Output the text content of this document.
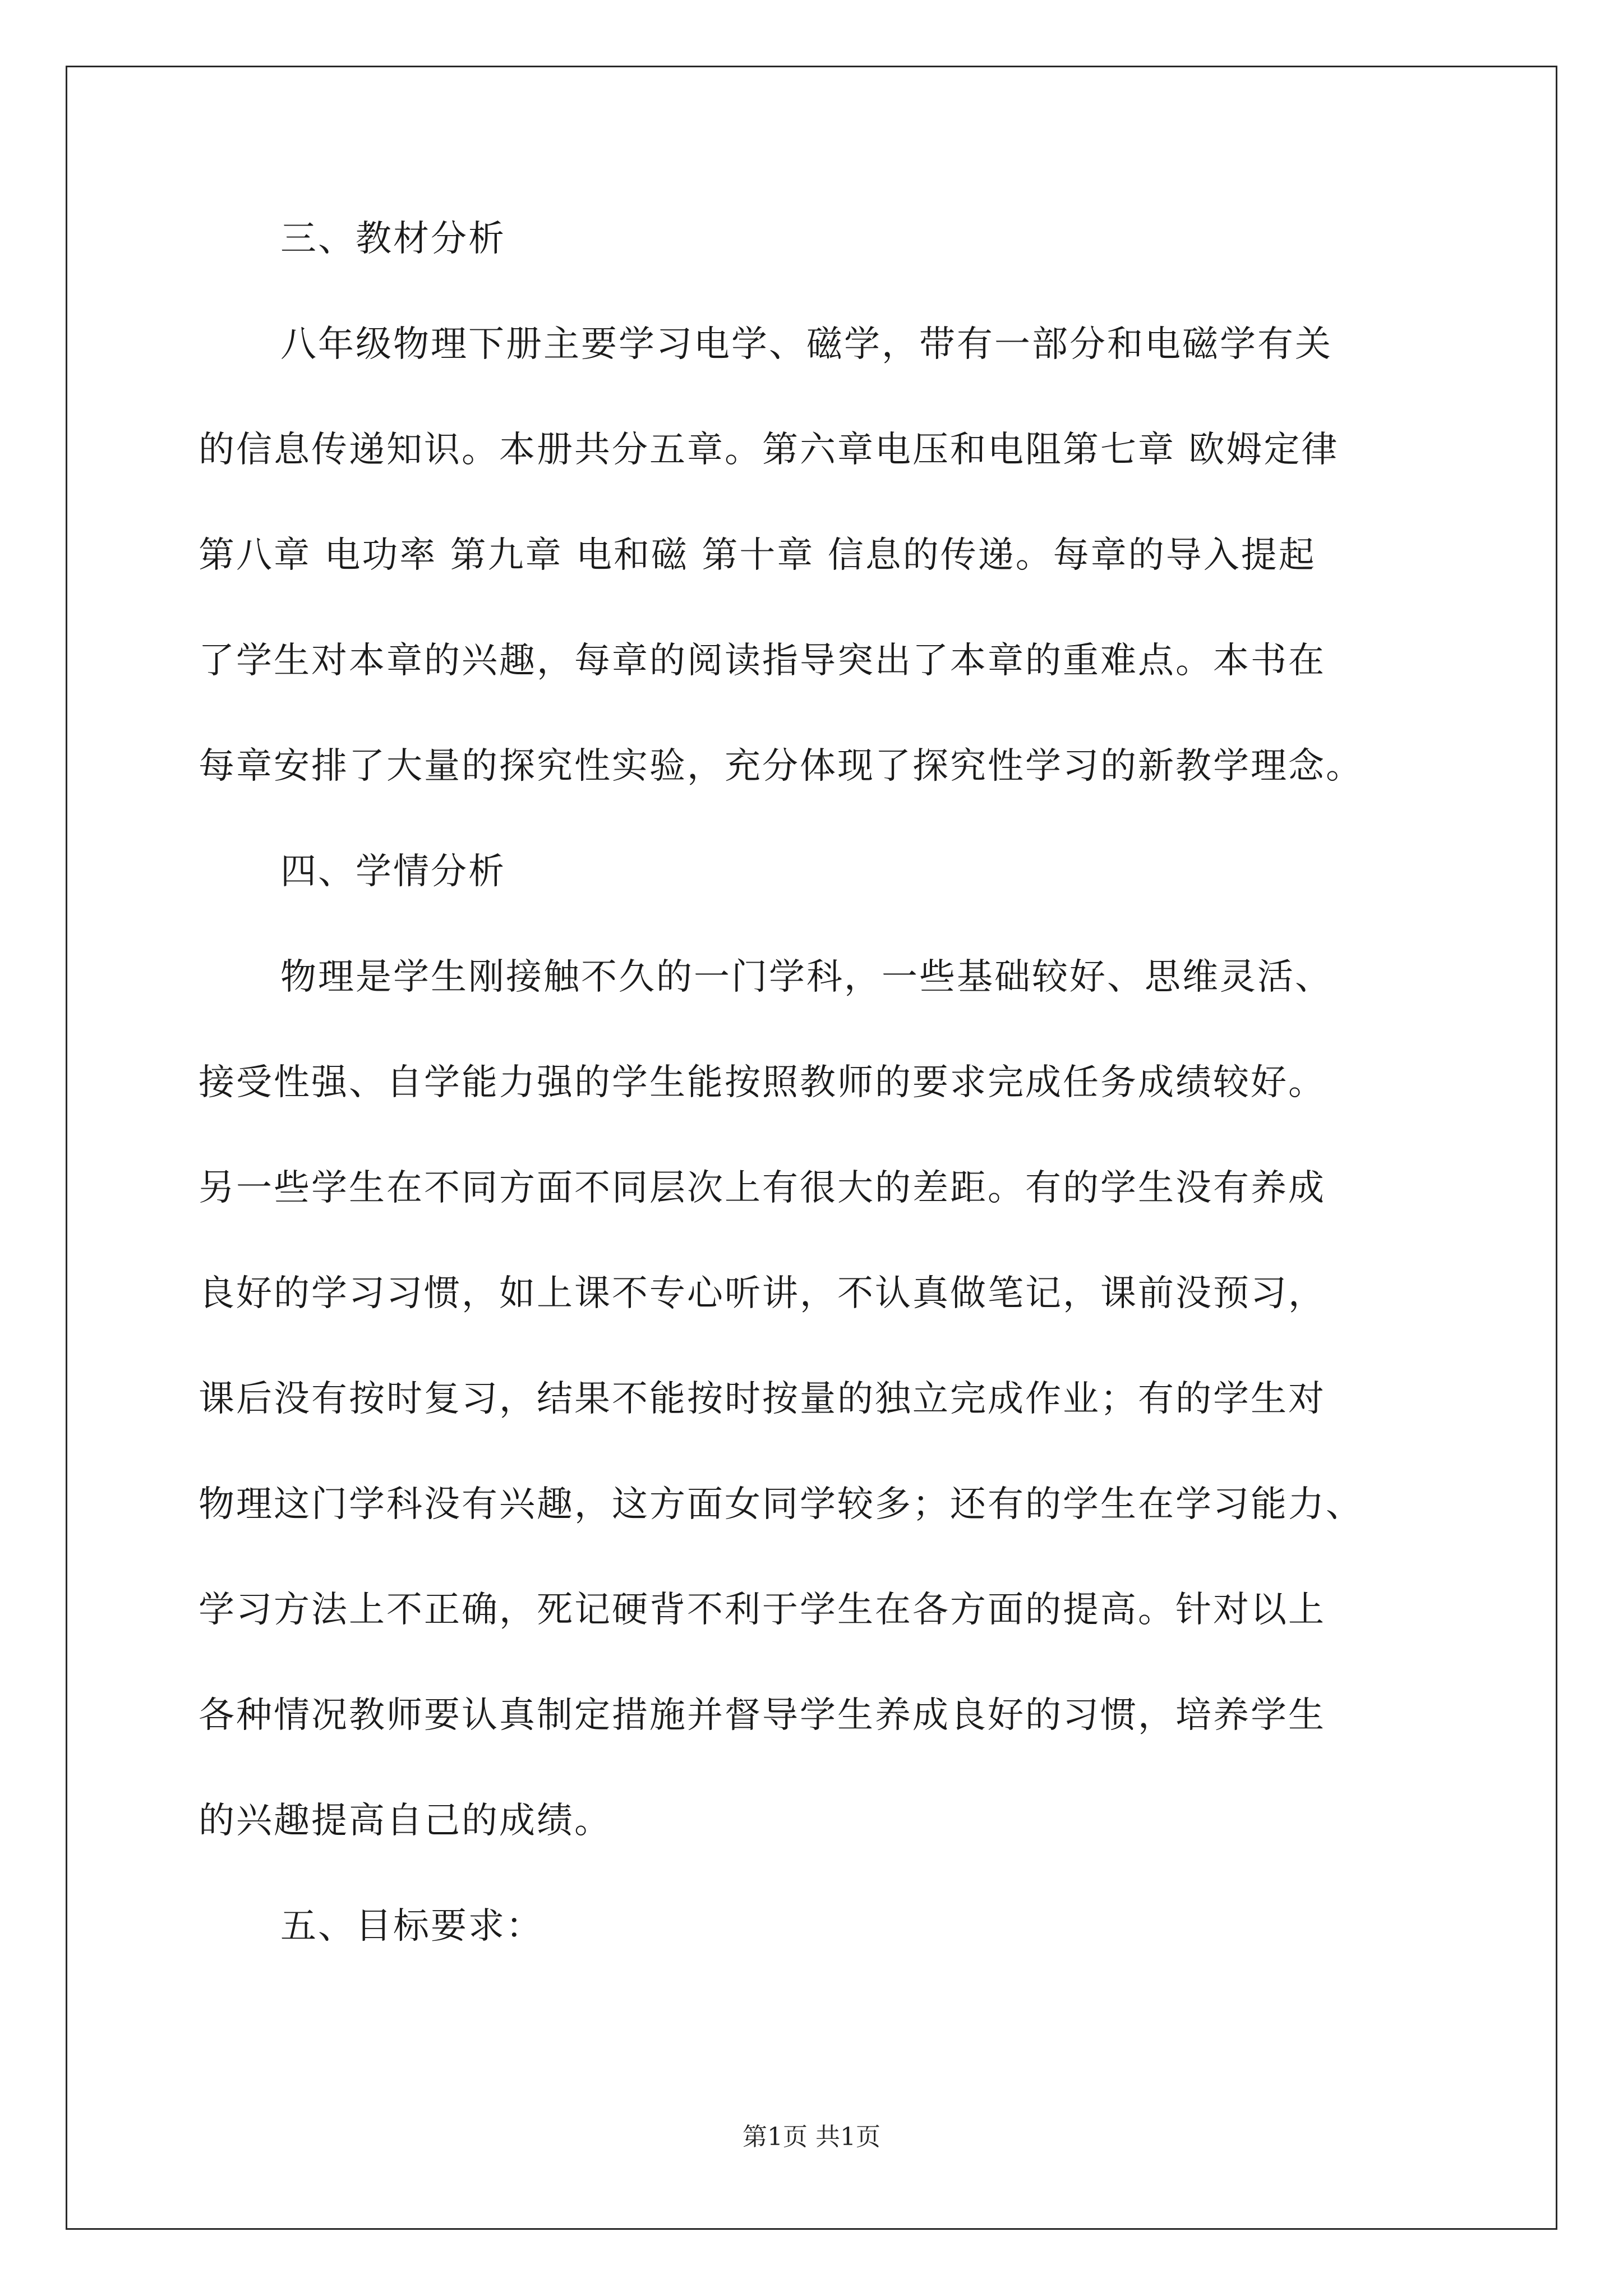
三、教材分析
八年级物理下册主要学习电学、磁学，带有一部分和电磁学有关
的信息传递知识。本册共分五章。第六章电压和电阻第七章 欧姆定律
第八章 电功率 第九章 电和磁 第十章 信息的传递。每章的导入提起
了学生对本章的兴趣，每章的阅读指导突出了本章的重难点。本书在
每章安排了大量的探究性实验，充分体现了探究性学习的新教学理念。
四、学情分析
物理是学生刚接触不久的一门学科，一些基础较好、思维灵活、
接受性强、自学能力强的学生能按照教师的要求完成任务成绩较好。
另一些学生在不同方面不同层次上有很大的差距。有的学生没有养成
良好的学习习惯，如上课不专心听讲，不认真做笔记，课前没预习，
课后没有按时复习，结果不能按时按量的独立完成作业；有的学生对
物理这门学科没有兴趣，这方面女同学较多；还有的学生在学习能力、
学习方法上不正确，死记硬背不利于学生在各方面的提高。针对以上
各种情况教师要认真制定措施并督导学生养成良好的习惯，培养学生
的兴趣提高自己的成绩。
五、目标要求：
第1页 共1页
